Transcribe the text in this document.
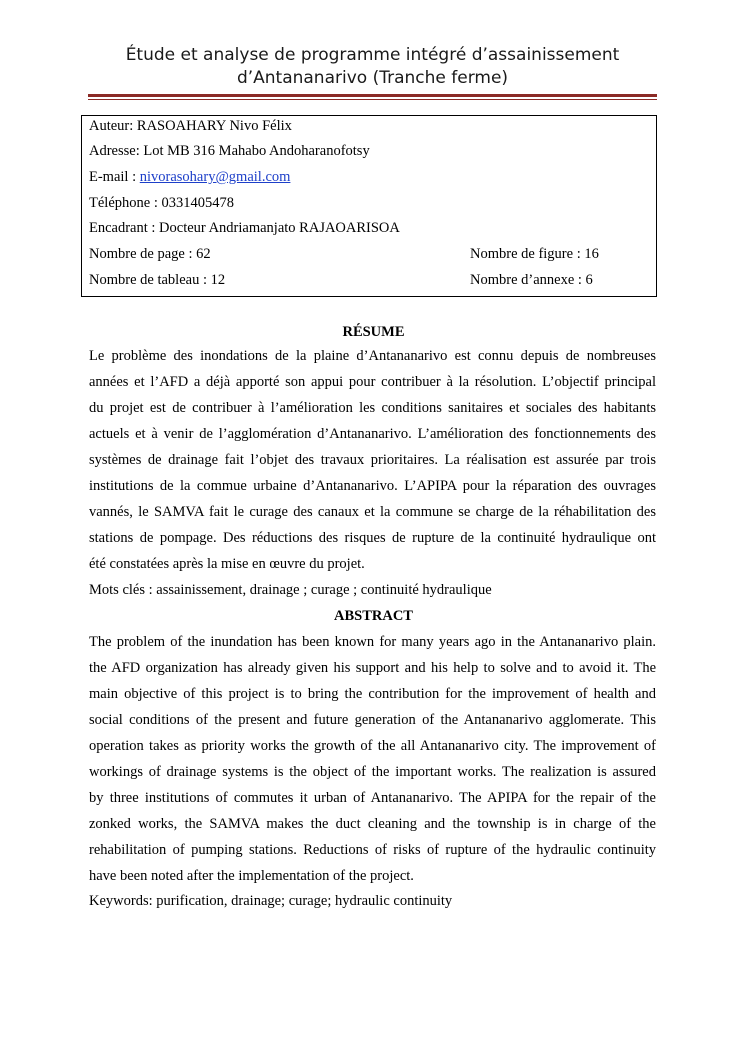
Étude et analyse de programme intégré d’assainissement
d’Antananarivo (Tranche ferme)
Auteur: RASOAHARY Nivo Félix
Adresse: Lot MB 316 Mahabo Andoharanofotsy
E-mail : nivorasohary@gmail.com
Téléphone : 0331405478
Encadrant : Docteur Andriamanjato RAJAOARISOA
Nombre de page : 62	Nombre de figure : 16
Nombre de tableau : 12	Nombre d’annexe : 6
RÉSUME
Le problème des inondations de la plaine d’Antananarivo est connu depuis de nombreuses
années et l’AFD a déjà apporté son appui pour contribuer à la résolution. L’objectif principal
du projet est de contribuer à l’amélioration les conditions sanitaires et sociales des habitants
actuels et à venir de l’agglomération d’Antananarivo. L’amélioration des fonctionnements des
systèmes de drainage fait l’objet des travaux prioritaires. La réalisation est assurée par trois
institutions de la commue urbaine d’Antananarivo. L’APIPA pour la réparation des ouvrages
vannés, le SAMVA fait le curage des canaux et la commune se charge de la réhabilitation des
stations de pompage. Des réductions des risques de rupture de la continuité hydraulique ont
été constatées après la mise en œuvre du projet.
Mots clés : assainissement, drainage ; curage ; continuité hydraulique
ABSTRACT
The problem of the inundation has been known for many years ago in the Antananarivo plain.
the AFD organization has already given his support and his help to solve and to avoid it. The
main objective of this project is to bring the contribution for the improvement of health and
social conditions of the present and future generation of the Antananarivo agglomerate. This
operation takes as priority works the growth of the all Antananarivo city. The improvement of
workings of drainage systems is the object of the important works. The realization is assured
by three institutions of commutes it urban of Antananarivo. The APIPA for the repair of the
zonked works, the SAMVA makes the duct cleaning and the township is in charge of the
rehabilitation of pumping stations. Reductions of risks of rupture of the hydraulic continuity
have been noted after the implementation of the project.
Keywords: purification, drainage; curage; hydraulic continuity
